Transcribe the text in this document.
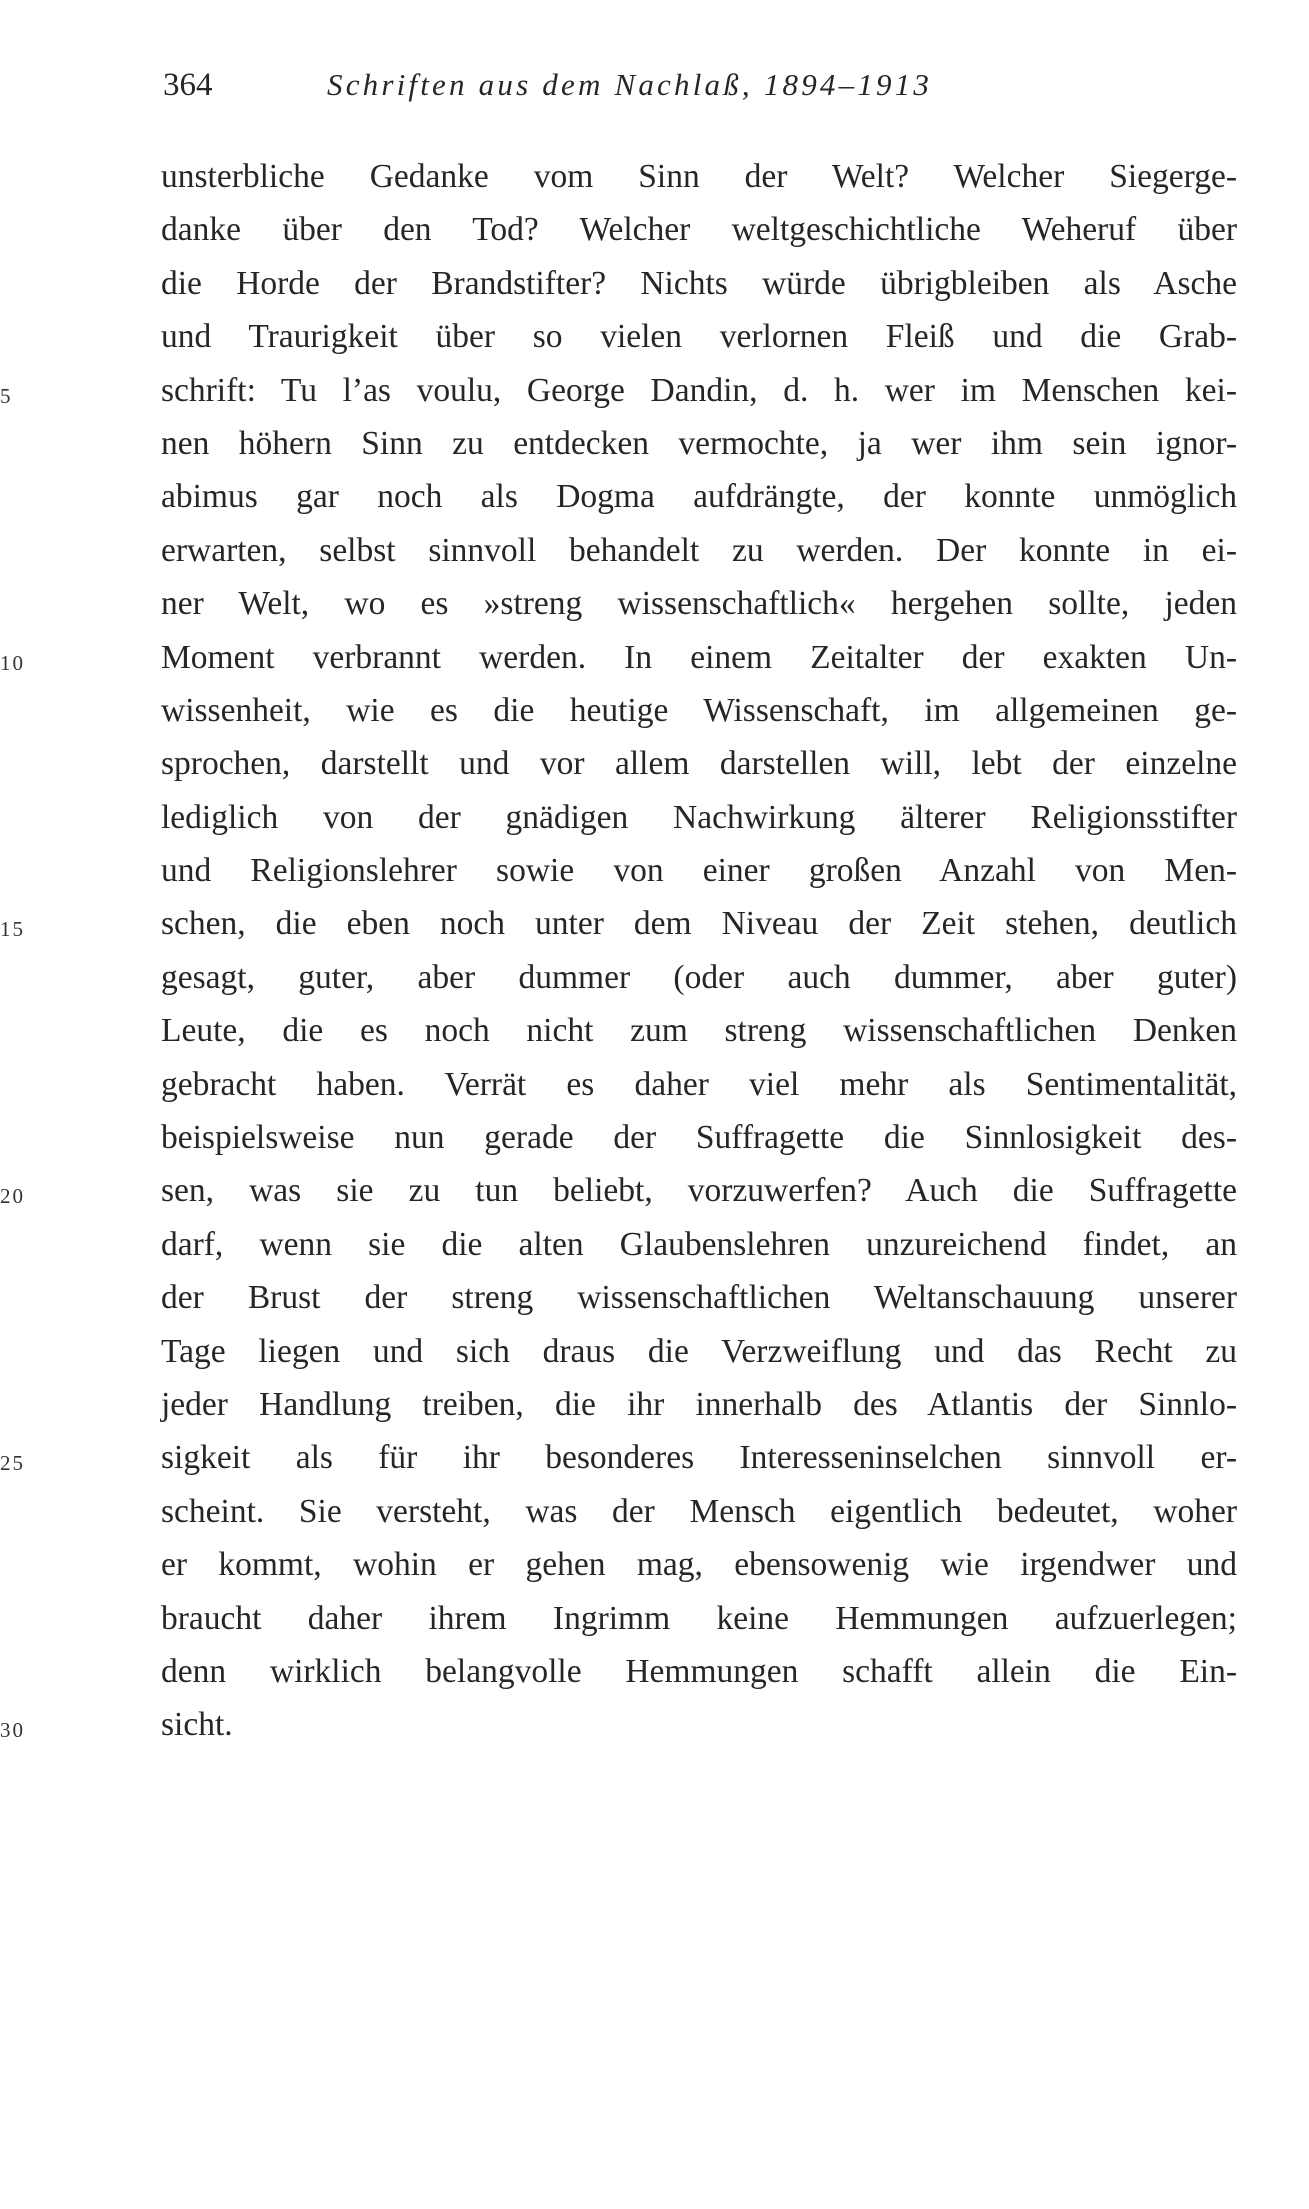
364	Schriften aus dem Nachlaß, 1894–1913
unsterbliche Gedanke vom Sinn der Welt? Welcher Siegerge-
danke über den Tod? Welcher weltgeschichtliche Weheruf über
die Horde der Brandstifter? Nichts würde übrigbleiben als Asche
und Traurigkeit über so vielen verlornen Fleiß und die Grab-
5	schrift: Tu l’as voulu, George Dandin, d. h. wer im Menschen kei-
nen höhern Sinn zu entdecken vermochte, ja wer ihm sein ignor-
abimus gar noch als Dogma aufdrängte, der konnte unmöglich
erwarten, selbst sinnvoll behandelt zu werden. Der konnte in ei-
ner Welt, wo es »streng wissenschaftlich« hergehen sollte, jeden
10	Moment verbrannt werden. In einem Zeitalter der exakten Un-
wissenheit, wie es die heutige Wissenschaft, im allgemeinen ge-
sprochen, darstellt und vor allem darstellen will, lebt der einzelne
lediglich von der gnädigen Nachwirkung älterer Religionsstifter
und Religionslehrer sowie von einer großen Anzahl von Men-
15	schen, die eben noch unter dem Niveau der Zeit stehen, deutlich
gesagt, guter, aber dummer (oder auch dummer, aber guter)
Leute, die es noch nicht zum streng wissenschaftlichen Denken
gebracht haben. Verrät es daher viel mehr als Sentimentalität,
beispielsweise nun gerade der Suffragette die Sinnlosigkeit des-
20	sen, was sie zu tun beliebt, vorzuwerfen? Auch die Suffragette
darf, wenn sie die alten Glaubenslehren unzureichend findet, an
der Brust der streng wissenschaftlichen Weltanschauung unserer
Tage liegen und sich draus die Verzweiflung und das Recht zu
jeder Handlung treiben, die ihr innerhalb des Atlantis der Sinnlo-
25	sigkeit als für ihr besonderes Interesseninselchen sinnvoll er-
scheint. Sie versteht, was der Mensch eigentlich bedeutet, woher
er kommt, wohin er gehen mag, ebensowenig wie irgendwer und
braucht daher ihrem Ingrimm keine Hemmungen aufzuerlegen;
denn wirklich belangvolle Hemmungen schafft allein die Ein-
30	sicht.
